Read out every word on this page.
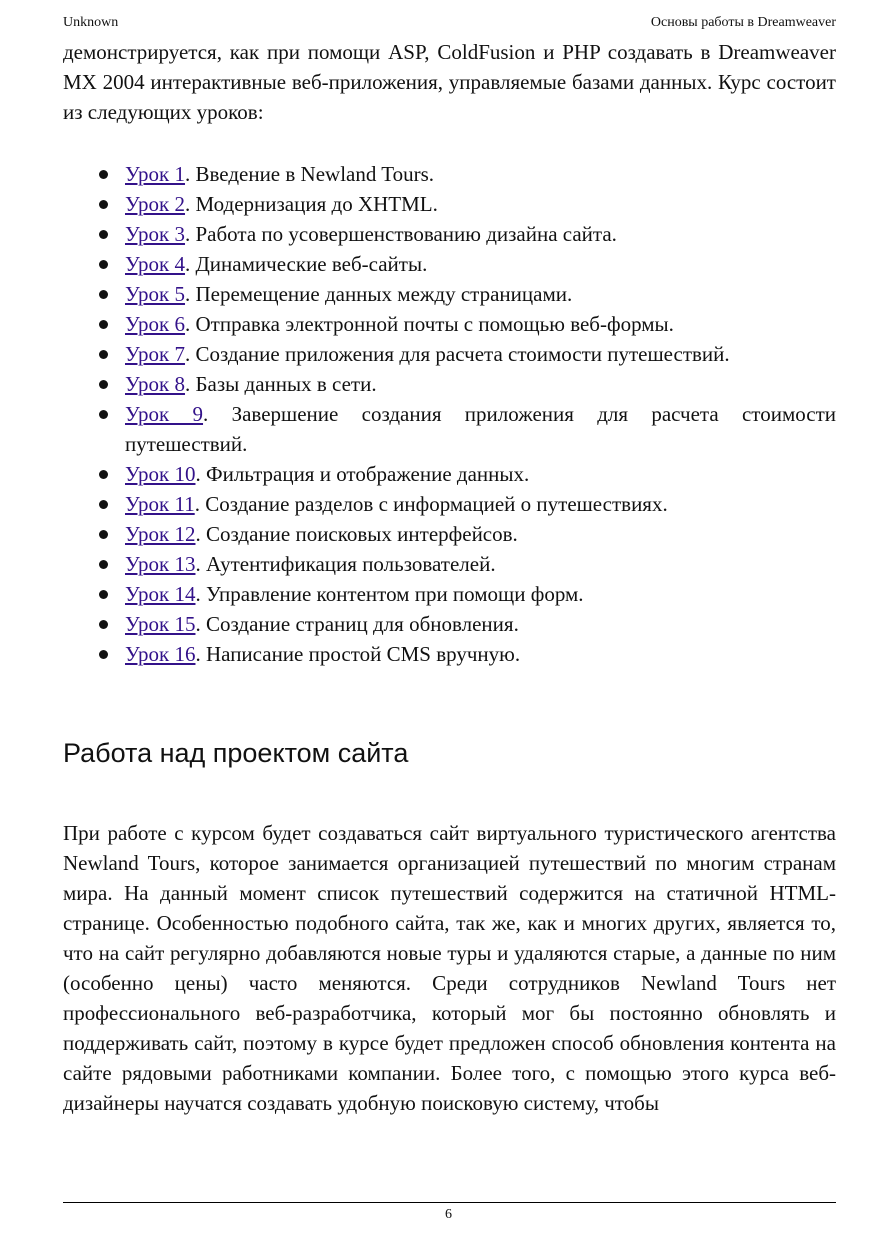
Unknown	Основы работы в Dreamweaver
демонстрируется, как при помощи ASP, ColdFusion и PHP создавать в Dreamweaver MX 2004 интерактивные веб-приложения, управляемые базами данных. Курс состоит из следующих уроков:
Урок 1. Введение в Newland Tours.
Урок 2. Модернизация до XHTML.
Урок 3. Работа по усовершенствованию дизайна сайта.
Урок 4. Динамические веб-сайты.
Урок 5. Перемещение данных между страницами.
Урок 6. Отправка электронной почты с помощью веб-формы.
Урок 7. Создание приложения для расчета стоимости путешествий.
Урок 8. Базы данных в сети.
Урок 9. Завершение создания приложения для расчета стоимости путешествий.
Урок 10. Фильтрация и отображение данных.
Урок 11. Создание разделов с информацией о путешествиях.
Урок 12. Создание поисковых интерфейсов.
Урок 13. Аутентификация пользователей.
Урок 14. Управление контентом при помощи форм.
Урок 15. Создание страниц для обновления.
Урок 16. Написание простой CMS вручную.
Работа над проектом сайта
При работе с курсом будет создаваться сайт виртуального туристического агентства Newland Tours, которое занимается организацией путешествий по многим странам мира. На данный момент список путешествий содержится на статичной HTML-странице. Особенностью подобного сайта, так же, как и многих других, является то, что на сайт регулярно добавляются новые туры и удаляются старые, а данные по ним (особенно цены) часто меняются. Среди сотрудников Newland Tours нет профессионального веб-разработчика, который мог бы постоянно обновлять и поддерживать сайт, поэтому в курсе будет предложен способ обновления контента на сайте рядовыми работниками компании. Более того, с помощью этого курса веб-дизайнеры научатся создавать удобную поисковую систему, чтобы
6
